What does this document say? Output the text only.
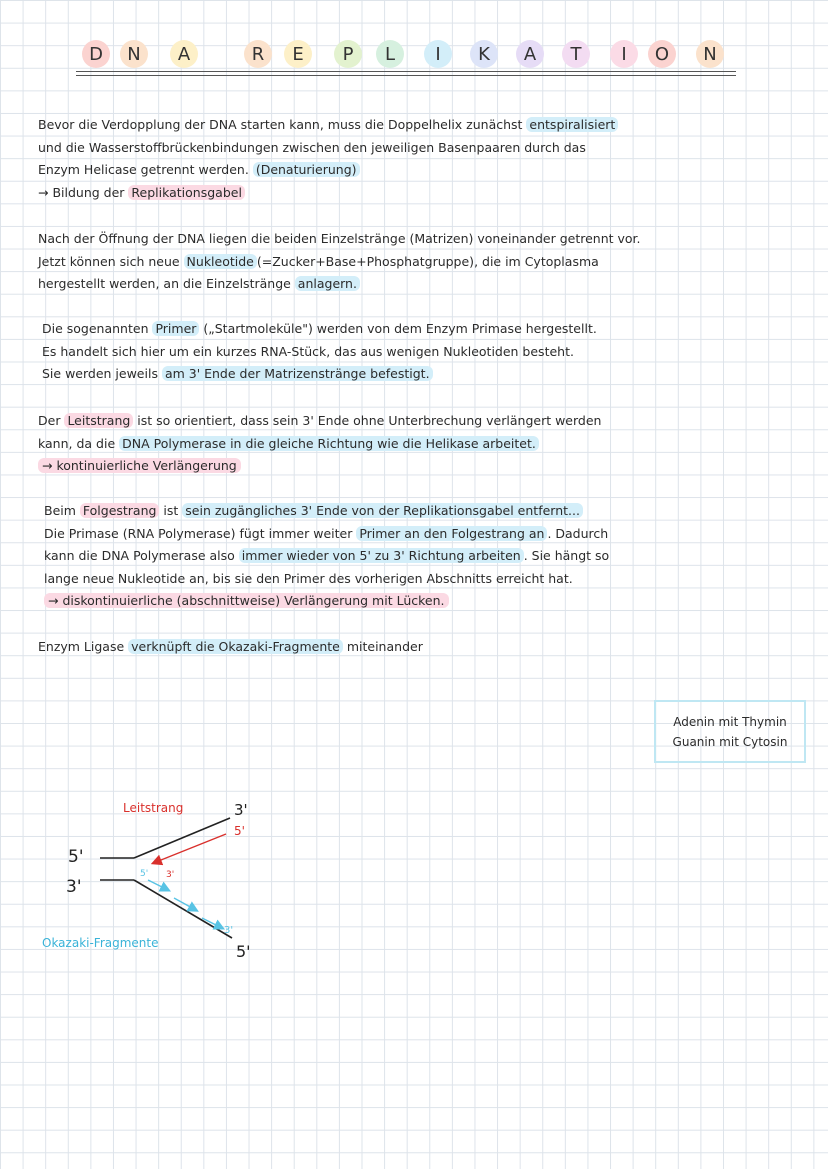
D N A	R E P L I K A T I O N
Bevor die Verdopplung der DNA starten kann, muss die Doppelhelix zunächst entspiralisiert
und die Wasserstoffbrückenbindungen zwischen den jeweiligen Basenpaaren durch das
Enzym Helicase getrennt werden. (Denaturierung)
→ Bildung der Replikationsgabel
Nach der Öffnung der DNA liegen die beiden Einzelstränge (Matrizen) voneinander getrennt vor.
Jetzt können sich neue Nukleotide (=Zucker+Base+Phosphatgruppe), die im Cytoplasma
hergestellt werden, an die Einzelstränge anlagern.
Die sogenannten Primer („Startmoleküle") werden von dem Enzym Primase hergestellt.
Es handelt sich hier um ein kurzes RNA-Stück, das aus wenigen Nukleotiden besteht.
Sie werden jeweils am 3' Ende der Matrizenstränge befestigt.
Der Leitstrang ist so orientiert, dass sein 3' Ende ohne Unterbrechung verlängert werden
kann, da die DNA Polymerase in die gleiche Richtung wie die Helikase arbeitet.
→ kontinuierliche Verlängerung
Beim Folgestrang ist sein zugängliches 3' Ende von der Replikationsgabel entfernt...
Die Primase (RNA Polymerase) fügt immer weiter Primer an den Folgestrang an . Dadurch
kann die DNA Polymerase also immer wieder von 5' zu 3' Richtung arbeiten . Sie hängt so
lange neue Nukleotide an, bis sie den Primer des vorherigen Abschnitts erreicht hat.
→ diskontinuierliche (abschnittweise) Verlängerung mit Lücken.
Enzym Ligase verknüpft die Okazaki-Fragmente miteinander
Adenin mit Thymin
Guanin mit Cytosin
Leitstrang
Okazaki-Fragmente
3'
5'
5'
3'
5' 3'
3'
5'
